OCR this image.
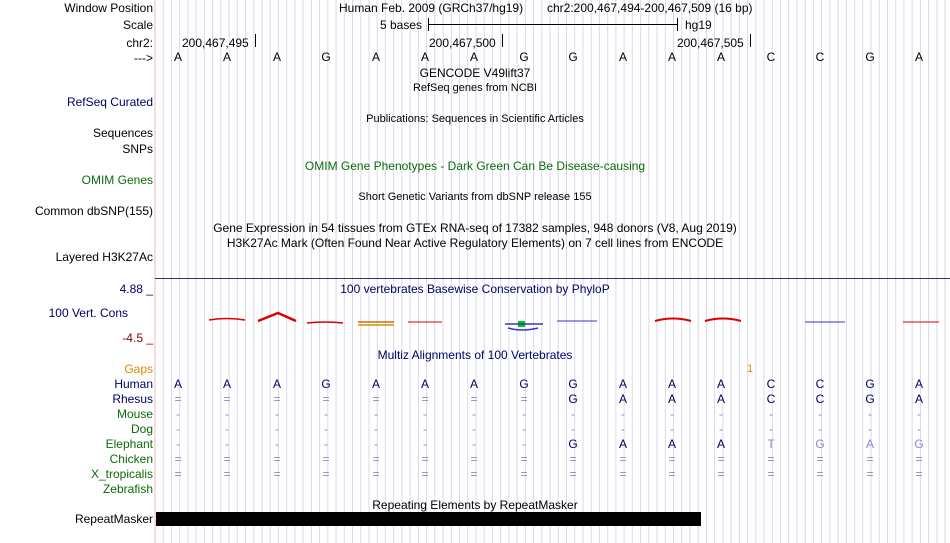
Window Position	Human Feb. 2009 (GRCh37/hg19) chr2:200,467,494-200,467,509 (16 bp)
Scale	5 bases	hg19
chr2: 200,467,495	200,467,500	200,467,505
--->	A	A	A	G	A	A	A	G	G	A	A	A	C	C	G	A
GENCODE V49lift37
RefSeq genes from NCBI
RefSeq Curated
Publications: Sequences in Scientific Articles
Sequences
SNPs
OMIM Gene Phenotypes - Dark Green Can Be Disease-causing
OMIM Genes
Short Genetic Variants from dbSNP release 155
Common dbSNP(155)
Gene Expression in 54 tissues from GTEx RNA-seq of 17382 samples, 948 donors (V8, Aug 2019)
H3K27Ac Mark (Often Found Near Active Regulatory Elements) on 7 cell lines from ENCODE
Layered H3K27Ac
4.88 _	100 vertebrates Basewise Conservation by PhyloP
100 Vert. Cons
-4.5 _
Multiz Alignments of 100 Vertebrates
Gaps	1
Human	A	A	A	G	A	A	A	G	G	A	A	A	C	C	G	A
Rhesus	=	=	=	=	=	=	=	=	G	A	A	A	C	C	G	A
Mouse	-	-	-	-	-	-	-	-	-	-	-	-	-	-	-	-
Dog	-	-	-	-	-	-	-	-	-	-	-	-	-	-	-	-
Elephant	-	-	-	-	-	-	-	-	G	A	A	A	T	G	A	G
Chicken	=	=	=	=	=	=	=	=	=	=	=	=	=	=	=	=
X_tropicalis	=	=	=	=	=	=	=	=	=	=	=	=	=	=	=	=
Zebrafish
Repeating Elements by RepeatMasker
RepeatMasker
